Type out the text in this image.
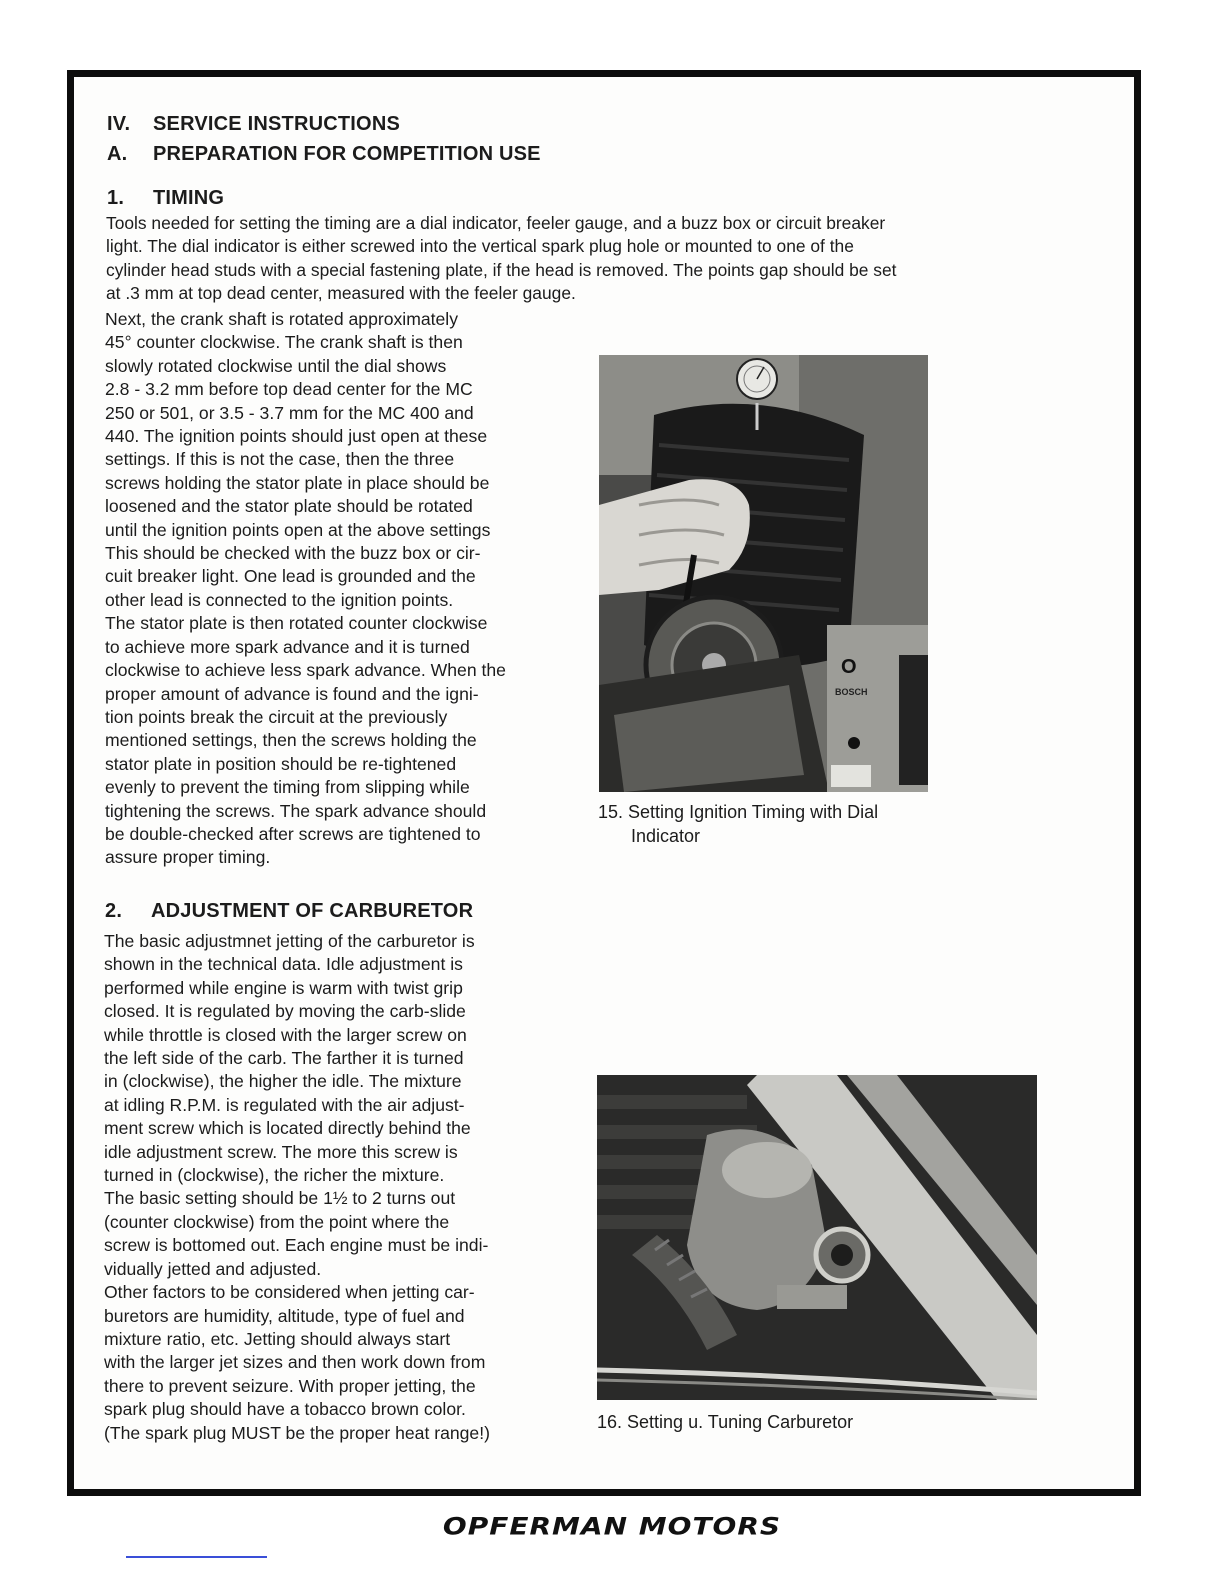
IV. SERVICE INSTRUCTIONS
A. PREPARATION FOR COMPETITION USE
1. TIMING
Tools needed for setting the timing are a dial indicator, feeler gauge, and a buzz box or circuit breaker
light. The dial indicator is either screwed into the vertical spark plug hole or mounted to one of the
cylinder head studs with a special fastening plate, if the head is removed. The points gap should be set
at .3 mm at top dead center, measured with the feeler gauge.
Next, the crank shaft is rotated approximately
45° counter clockwise. The crank shaft is then
slowly rotated clockwise until the dial shows
2.8 - 3.2 mm before top dead center for the MC
250 or 501, or 3.5 - 3.7 mm for the MC 400 and
440. The ignition points should just open at these
settings. If this is not the case, then the three
screws holding the stator plate in place should be
loosened and the stator plate should be rotated
until the ignition points open at the above settings
This should be checked with the buzz box or cir-
cuit breaker light. One lead is grounded and the
other lead is connected to the ignition points.
The stator plate is then rotated counter clockwise
to achieve more spark advance and it is turned
clockwise to achieve less spark advance. When the
proper amount of advance is found and the igni-
tion points break the circuit at the previously
mentioned settings, then the screws holding the
stator plate in position should be re-tightened
evenly to prevent the timing from slipping while
tightening the screws. The spark advance should
be double-checked after screws are tightened to
assure proper timing.
O
BOSCH
15. Setting Ignition Timing with Dial
Indicator
2. ADJUSTMENT OF CARBURETOR
The basic adjustmnet jetting of the carburetor is
shown in the technical data. Idle adjustment is
performed while engine is warm with twist grip
closed. It is regulated by moving the carb-slide
while throttle is closed with the larger screw on
the left side of the carb. The farther it is turned
in (clockwise), the higher the idle. The mixture
at idling R.P.M. is regulated with the air adjust-
ment screw which is located directly behind the
idle adjustment screw. The more this screw is
turned in (clockwise), the richer the mixture.
The basic setting should be 1½ to 2 turns out
(counter clockwise) from the point where the
screw is bottomed out. Each engine must be indi-
vidually jetted and adjusted.
Other factors to be considered when jetting car-
buretors are humidity, altitude, type of fuel and
mixture ratio, etc. Jetting should always start
with the larger jet sizes and then work down from
there to prevent seizure. With proper jetting, the
spark plug should have a tobacco brown color.
(The spark plug MUST be the proper heat range!)
16. Setting u. Tuning Carburetor
OPFERMAN MOTORS
